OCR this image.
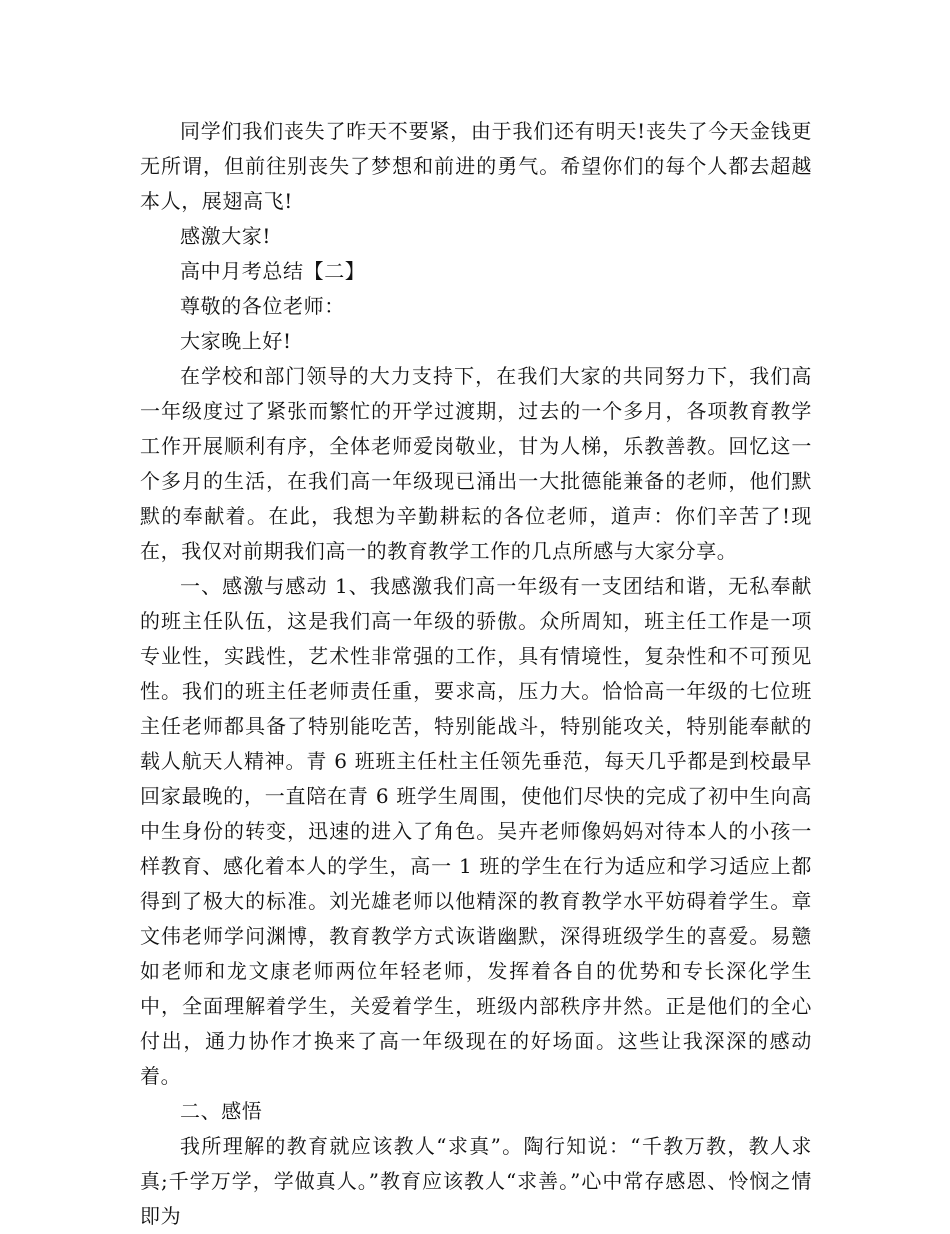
同学们我们丧失了昨天不要紧，由于我们还有明天!丧失了今天金钱更无所谓，但前往别丧失了梦想和前进的勇气。希望你们的每个人都去超越本人，展翅高飞!

感激大家!

高中月考总结【二】

尊敬的各位老师：

大家晚上好!

在学校和部门领导的大力支持下，在我们大家的共同努力下，我们高一年级度过了紧张而繁忙的开学过渡期，过去的一个多月，各项教育教学工作开展顺利有序，全体老师爱岗敬业，甘为人梯，乐教善教。回忆这一个多月的生活，在我们高一年级现已涌出一大批德能兼备的老师，他们默默的奉献着。在此，我想为辛勤耕耘的各位老师，道声：你们辛苦了!现在，我仅对前期我们高一的教育教学工作的几点所感与大家分享。

一、感激与感动 1、我感激我们高一年级有一支团结和谐，无私奉献的班主任队伍，这是我们高一年级的骄傲。众所周知，班主任工作是一项专业性，实践性，艺术性非常强的工作，具有情境性，复杂性和不可预见性。我们的班主任老师责任重，要求高，压力大。恰恰高一年级的七位班主任老师都具备了特别能吃苦，特别能战斗，特别能攻关，特别能奉献的载人航天人精神。青 6 班班主任杜主任领先垂范，每天几乎都是到校最早回家最晚的，一直陪在青 6 班学生周围，使他们尽快的完成了初中生向高中生身份的转变，迅速的进入了角色。吴卉老师像妈妈对待本人的小孩一样教育、感化着本人的学生，高一 1 班的学生在行为适应和学习适应上都得到了极大的标准。刘光雄老师以他精深的教育教学水平妨碍着学生。章文伟老师学问渊博，教育教学方式诙谐幽默，深得班级学生的喜爱。易戆如老师和龙文康老师两位年轻老师，发挥着各自的优势和专长深化学生中，全面理解着学生，关爱着学生，班级内部秩序井然。正是他们的全心付出，通力协作才换来了高一年级现在的好场面。这些让我深深的感动着。

二、感悟

我所理解的教育就应该教人“求真”。陶行知说：“千教万教，教人求真;千学万学，学做真人。”教育应该教人“求善。”心中常存感恩、怜悯之情即为
